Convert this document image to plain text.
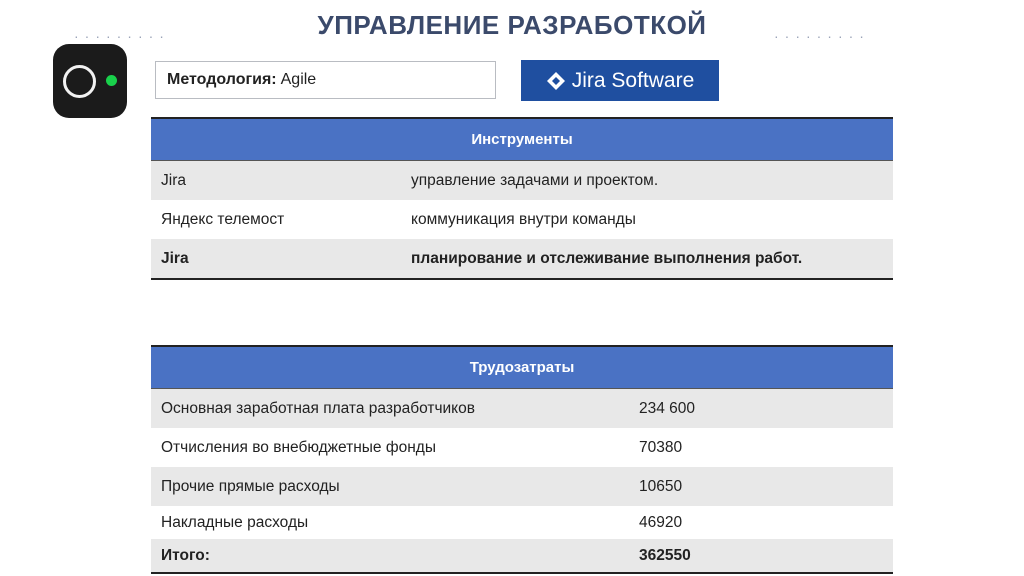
УПРАВЛЕНИЕ РАЗРАБОТКОЙ
·········	·········
Методология: Agile	Jira Software
Инструменты	
Jira	управление задачами и проектом.
Яндекс телемост	коммуникация внутри команды
Jira	планирование и отслеживание выполнения работ.
Трудозатраты	
Основная заработная плата разработчиков	234 600
Отчисления во внебюджетные фонды	70380
Прочие прямые расходы	10650
Накладные расходы	46920
Итого:	362550
